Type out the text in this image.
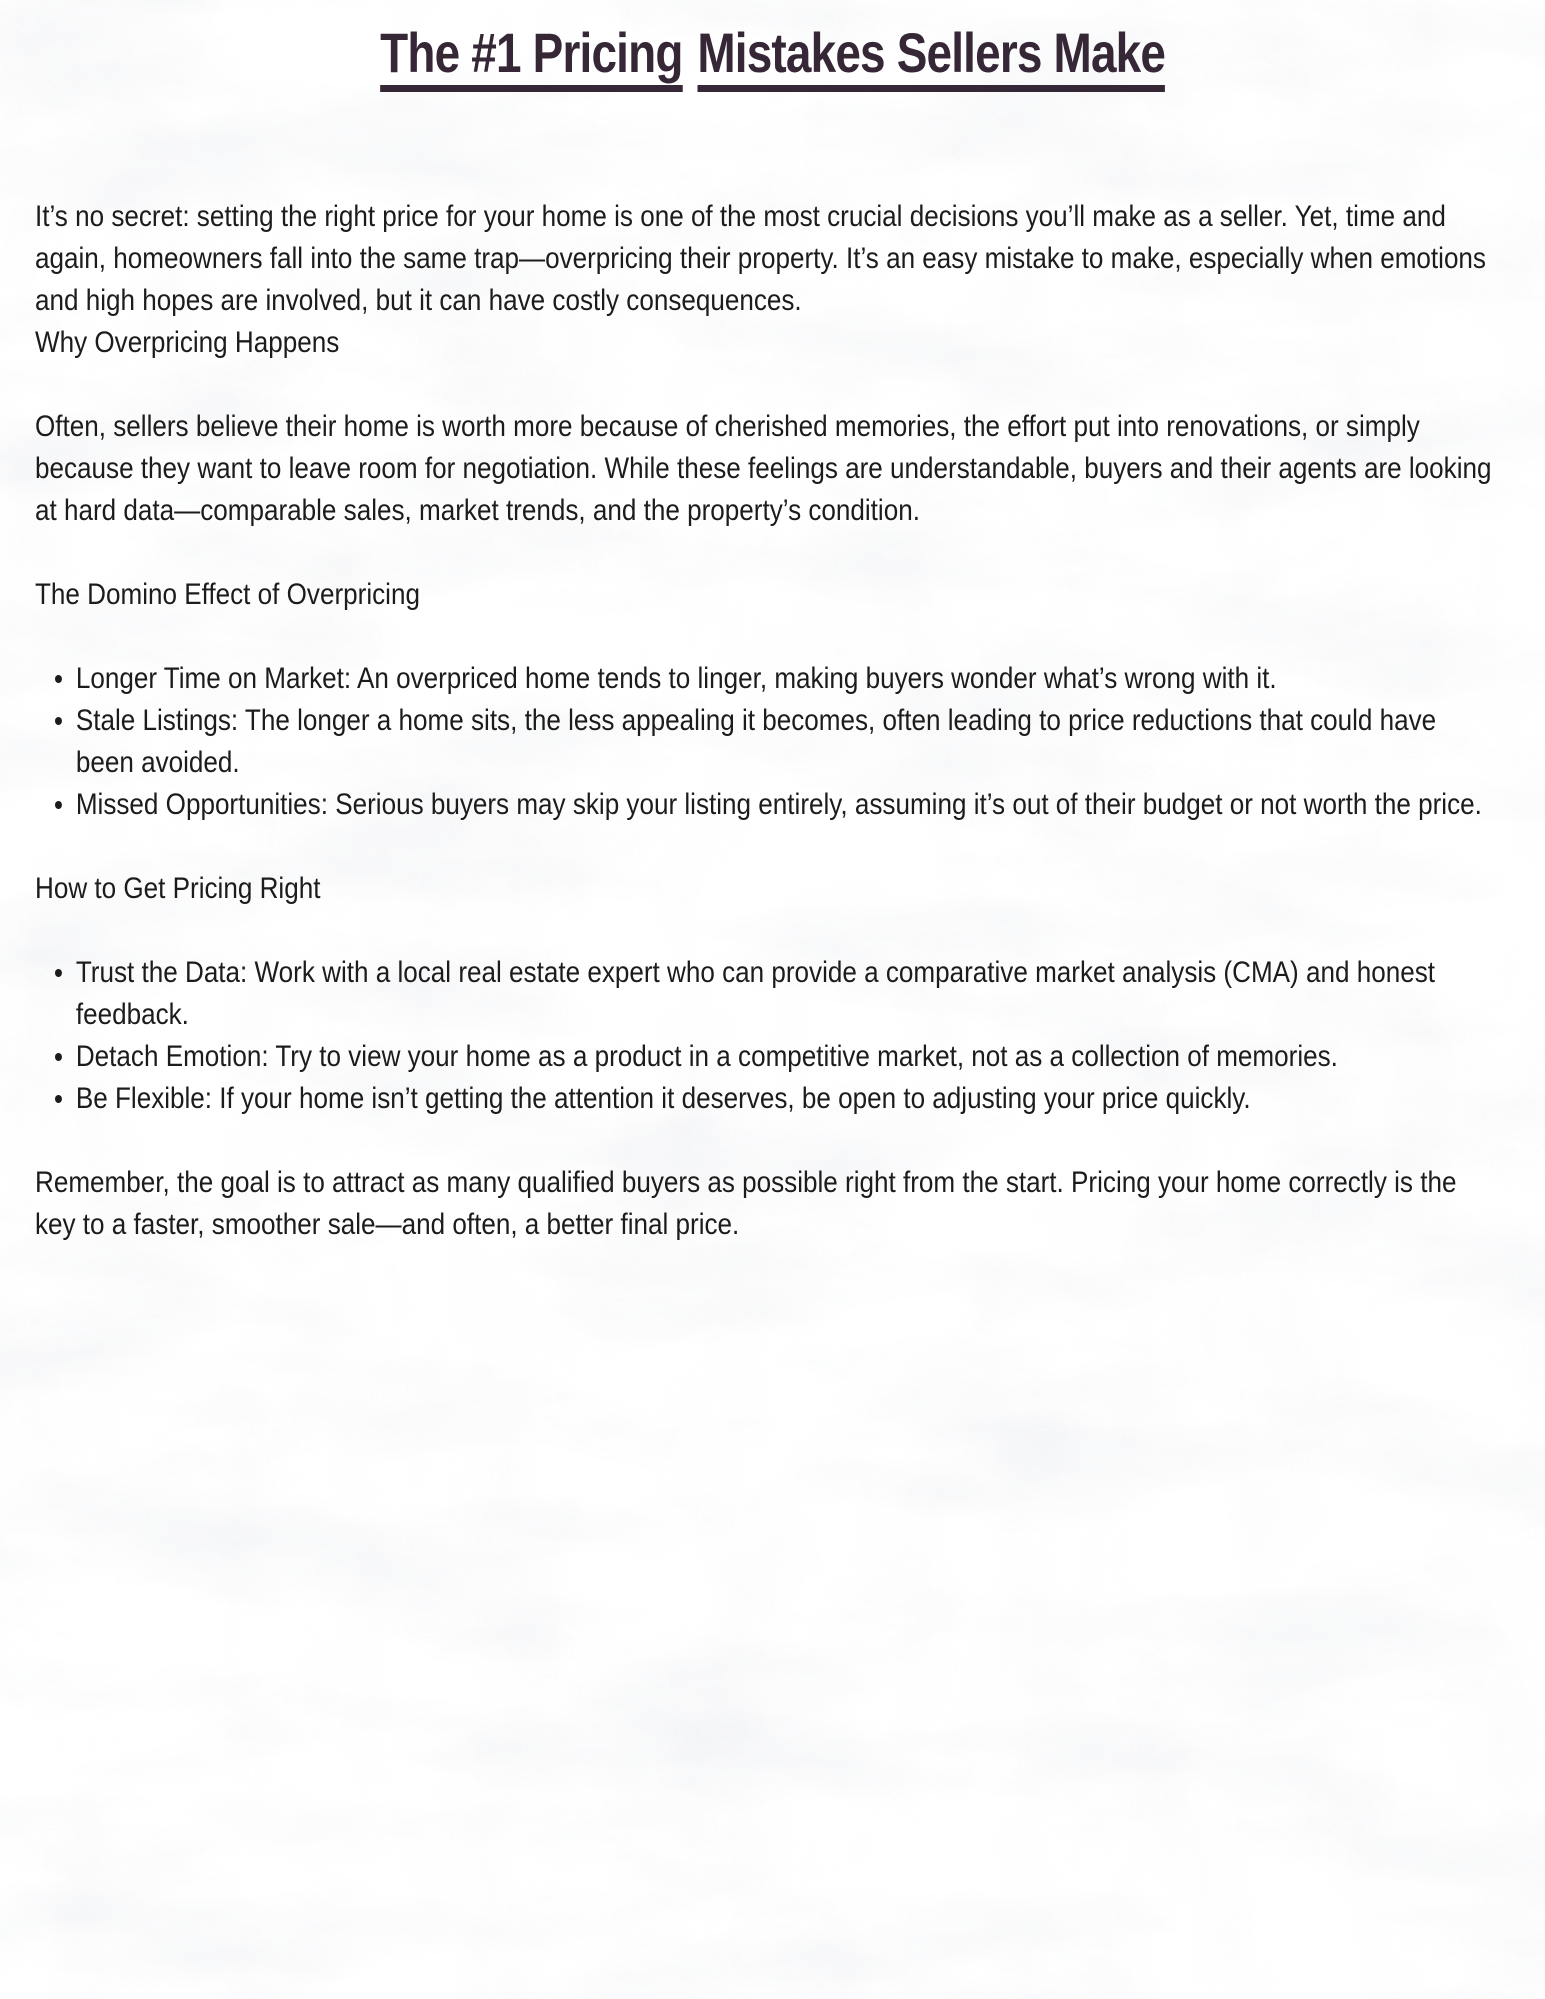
The #1 Pricing Mistakes Sellers Make

It’s no secret: setting the right price for your home is one of the most crucial decisions you’ll make as a seller. Yet, time and again, homeowners fall into the same trap—overpricing their property. It’s an easy mistake to make, especially when emotions and high hopes are involved, but it can have costly consequences.

Why Overpricing Happens

Often, sellers believe their home is worth more because of cherished memories, the effort put into renovations, or simply because they want to leave room for negotiation. While these feelings are understandable, buyers and their agents are looking at hard data—comparable sales, market trends, and the property’s condition.

The Domino Effect of Overpricing

Longer Time on Market: An overpriced home tends to linger, making buyers wonder what’s wrong with it.
Stale Listings: The longer a home sits, the less appealing it becomes, often leading to price reductions that could have been avoided.
Missed Opportunities: Serious buyers may skip your listing entirely, assuming it’s out of their budget or not worth the price.

How to Get Pricing Right

Trust the Data: Work with a local real estate expert who can provide a comparative market analysis (CMA) and honest feedback.
Detach Emotion: Try to view your home as a product in a competitive market, not as a collection of memories.
Be Flexible: If your home isn’t getting the attention it deserves, be open to adjusting your price quickly.

Remember, the goal is to attract as many qualified buyers as possible right from the start. Pricing your home correctly is the key to a faster, smoother sale—and often, a better final price.
